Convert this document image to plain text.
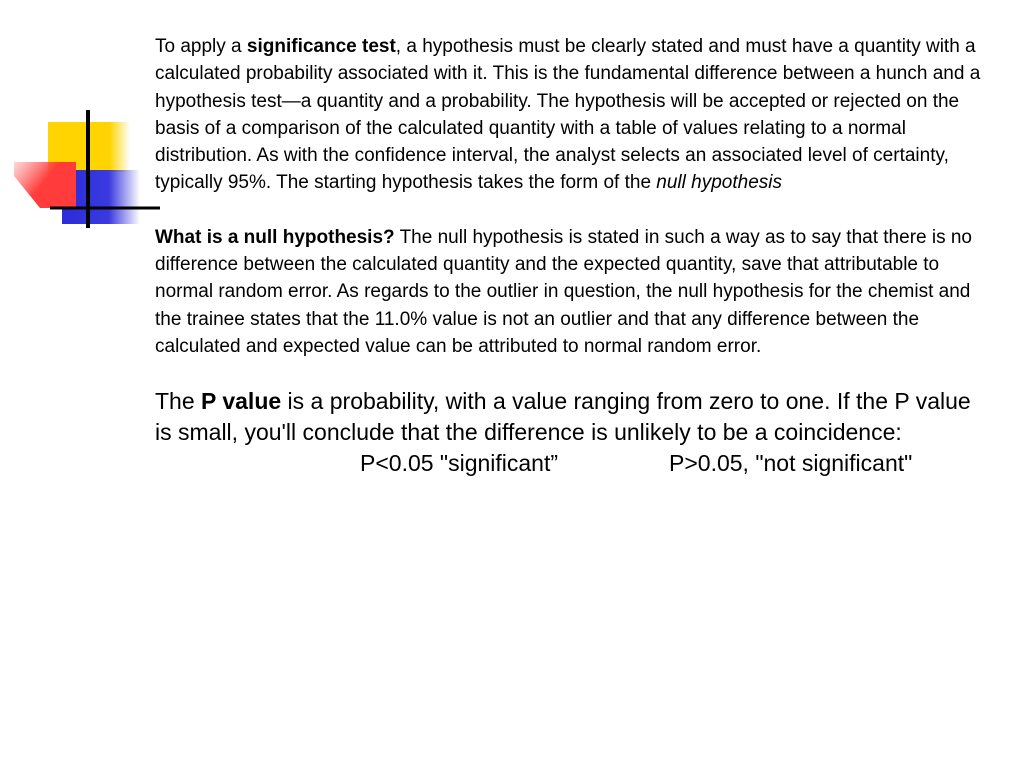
To apply a significance test, a hypothesis must be clearly stated and must have a quantity with a calculated probability associated with it. This is the fundamental difference between a hunch and a hypothesis test—a quantity and a probability. The hypothesis will be accepted or rejected on the basis of a comparison of the calculated quantity with a table of values relating to a normal distribution. As with the confidence interval, the analyst selects an associated level of certainty, typically 95%. The starting hypothesis takes the form of the null hypothesis

What is a null hypothesis? The null hypothesis is stated in such a way as to say that there is no difference between the calculated quantity and the expected quantity, save that attributable to normal random error. As regards to the outlier in question, the null hypothesis for the chemist and the trainee states that the 11.0% value is not an outlier and that any difference between the calculated and expected value can be attributed to normal random error.

The P value is a probability, with a value ranging from zero to one. If the P value is small, you'll conclude that the difference is unlikely to be a coincidence:

P<0.05 "significant”	P>0.05, "not significant"
